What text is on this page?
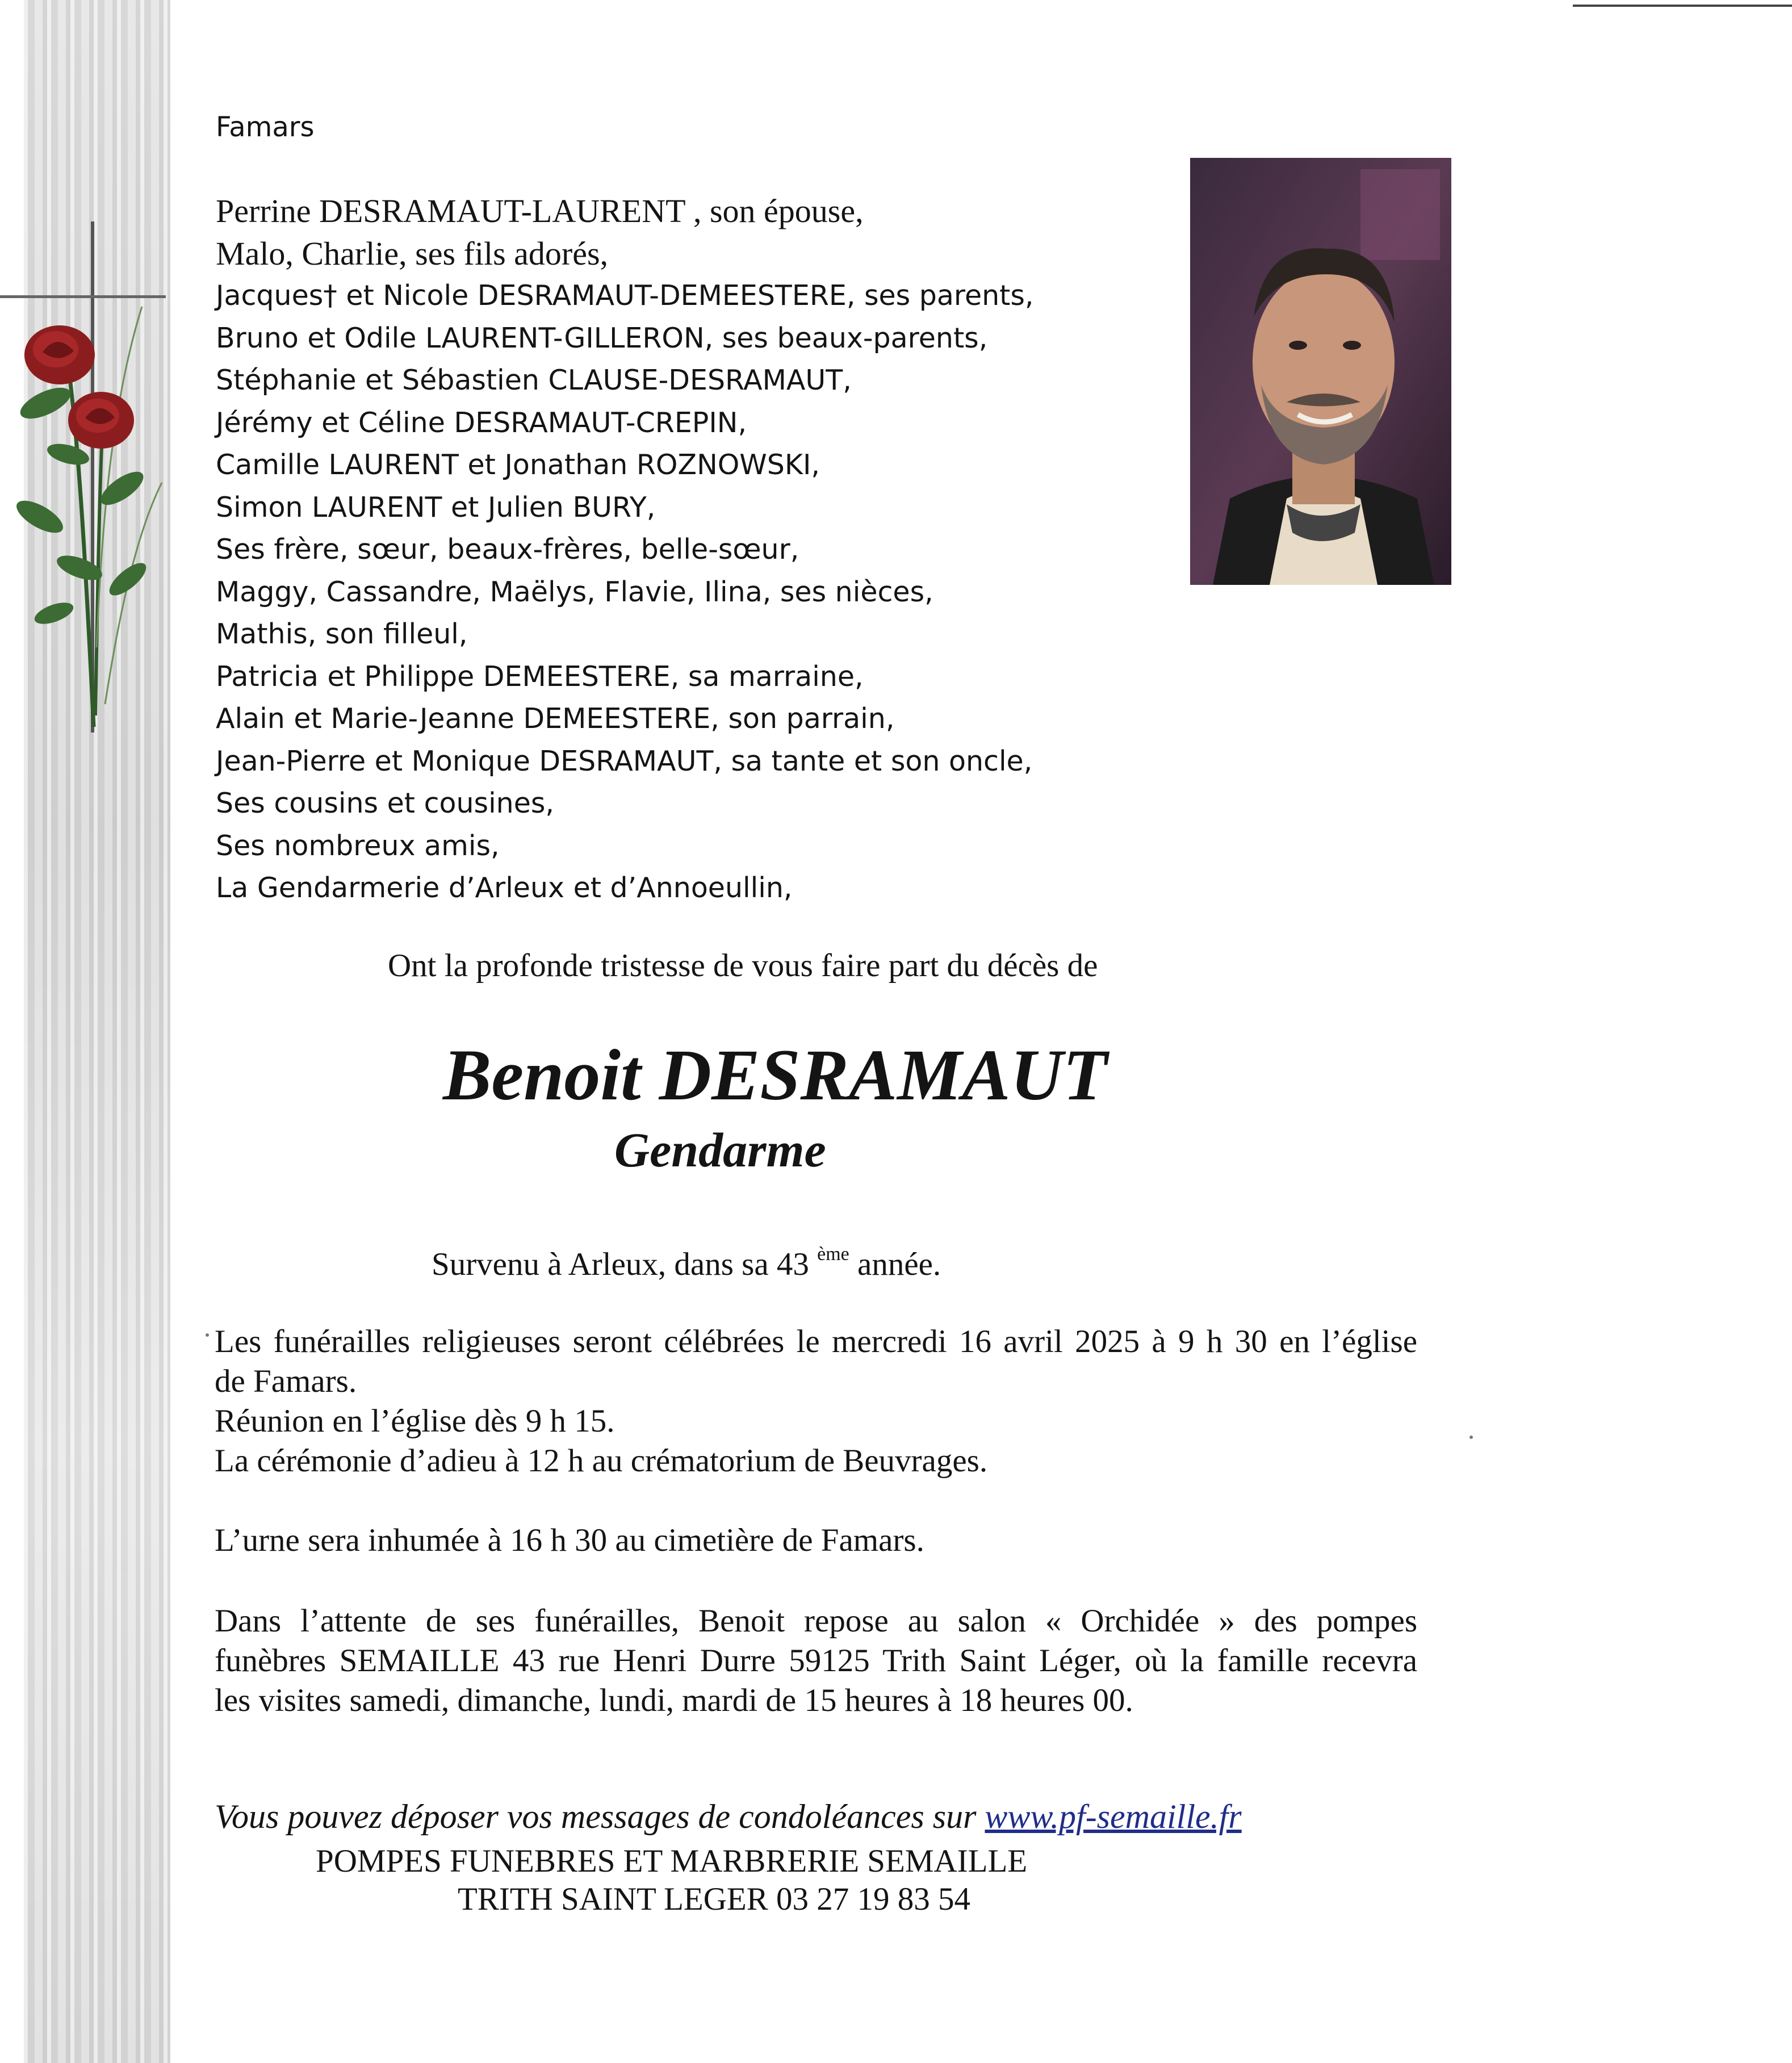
Famars
Perrine DESRAMAUT-LAURENT , son épouse,
Malo, Charlie, ses fils adorés,
Jacques† et Nicole DESRAMAUT-DEMEESTERE, ses parents,
Bruno et Odile LAURENT-GILLERON, ses beaux-parents,
Stéphanie et Sébastien CLAUSE-DESRAMAUT,
Jérémy et Céline DESRAMAUT-CREPIN,
Camille LAURENT et Jonathan ROZNOWSKI,
Simon LAURENT et Julien BURY,
Ses frère, sœur, beaux-frères, belle-sœur,
Maggy, Cassandre, Maëlys, Flavie, Ilina, ses nièces,
Mathis, son filleul,
Patricia et Philippe DEMEESTERE, sa marraine,
Alain et Marie-Jeanne DEMEESTERE, son parrain,
Jean-Pierre et Monique DESRAMAUT, sa tante et son oncle,
Ses cousins et cousines,
Ses nombreux amis,
La Gendarmerie d’Arleux et d’Annoeullin,
Ont la profonde tristesse de vous faire part du décès de
Benoit DESRAMAUT
Gendarme
Survenu à Arleux, dans sa 43 $^{ème}$ année.
Les funérailles religieuses seront célébrées le mercredi 16 avril 2025 à 9 h 30 en l’église
de Famars.
Réunion en l’église dès 9 h 15.
La cérémonie d’adieu à 12 h au crématorium de Beuvrages.
L’urne sera inhumée à 16 h 30 au cimetière de Famars.
Dans l’attente de ses funérailles, Benoit repose au salon « Orchidée » des pompes
funèbres SEMAILLE 43 rue Henri Durre 59125 Trith Saint Léger, où la famille recevra
les visites samedi, dimanche, lundi, mardi de 15 heures à 18 heures 00.
Vous pouvez déposer vos messages de condoléances sur www.pf-semaille.fr
POMPES FUNEBRES ET MARBRERIE SEMAILLE
TRITH SAINT LEGER 03 27 19 83 54
